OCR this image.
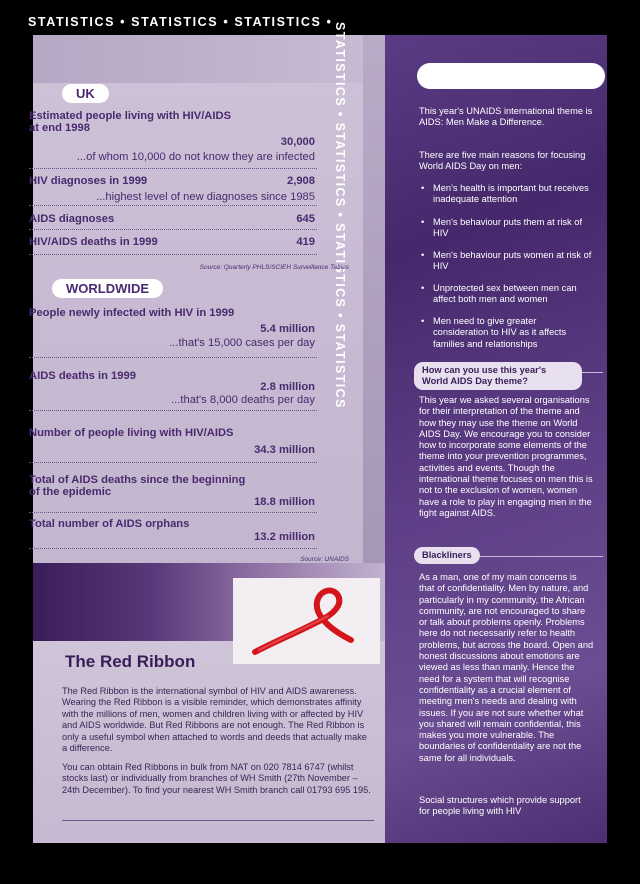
STATISTICS • STATISTICS • STATISTICS • STATISTICS • STATISTICS • STATISTICS • STATISTICS
UK
Estimated people living with HIV/AIDS
at end 1998
30,000
...of whom 10,000 do not know they are infected
HIV diagnoses in 1999	2,908
...highest level of new diagnoses since 1985
AIDS diagnoses	645
HIV/AIDS deaths in 1999	419
Source: Quarterly PHLS/SCIEH Surveillance Tables
WORLDWIDE
People newly infected with HIV in 1999
5.4 million
...that's 15,000 cases per day
AIDS deaths in 1999
2.8 million
...that's 8,000 deaths per day
Number of people living with HIV/AIDS
34.3 million
Total of AIDS deaths since the beginning
of the epidemic
18.8 million
Total number of AIDS orphans
13.2 million
Source: UNAIDS
The Red Ribbon
The Red Ribbon is the international symbol of HIV and AIDS awareness. Wearing the Red Ribbon is a visible reminder, which demonstrates affinity with the millions of men, women and children living with or affected by HIV and AIDS worldwide. But Red Ribbons are not enough. The Red Ribbon is only a useful symbol when attached to words and deeds that actually make a difference.
You can obtain Red Ribbons in bulk from NAT on 020 7814 6747 (whilst stocks last) or individually from branches of WH Smith (27th November – 24th December). To find your nearest WH Smith branch call 01793 695 195.
This year's UNAIDS international theme is AIDS: Men Make a Difference.
There are five main reasons for focusing World AIDS Day on men:
• Men's health is important but receives inadequate attention
• Men's behaviour puts them at risk of HIV
• Men's behaviour puts women at risk of HIV
• Unprotected sex between men can affect both men and women
• Men need to give greater consideration to HIV as it affects families and relationships
How can you use this year's World AIDS Day theme?
This year we asked several organisations for their interpretation of the theme and how they may use the theme on World AIDS Day. We encourage you to consider how to incorporate some elements of the theme into your prevention programmes, activities and events. Though the international theme focuses on men this is not to the exclusion of women, women have a role to play in engaging men in the fight against AIDS.
Blackliners
As a man, one of my main concerns is that of confidentiality. Men by nature, and particularly in my community, the African community, are not encouraged to share or talk about problems openly. Problems here do not necessarily refer to health problems, but across the board. Open and honest discussions about emotions are viewed as less than manly. Hence the need for a system that will recognise confidentiality as a crucial element of meeting men's needs and dealing with issues. If you are not sure whether what you shared will remain confidential, this makes you more vulnerable. The boundaries of confidentiality are not the same for all individuals.
Social structures which provide support for people living with HIV
